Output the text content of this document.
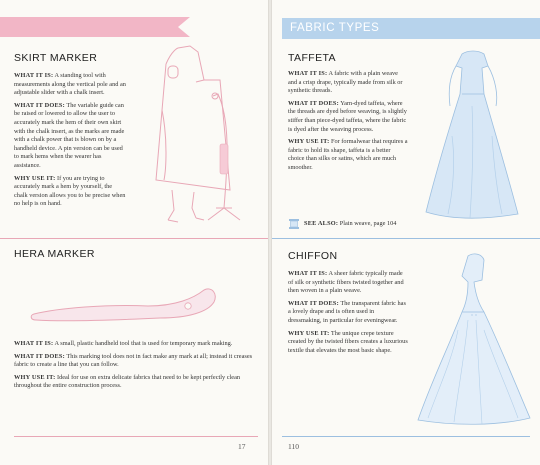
SKIRT MARKER

WHAT IT IS: A standing tool with measurements along the vertical pole and an adjustable slider with a chalk insert.

WHAT IT DOES: The variable guide can be raised or lowered to allow the user to accurately mark the hem of their own skirt with the chalk insert, as the marks are made with a chalk power that is blown on by a handheld device. A pin version can be used to mark hems when the wearer has assistance.

WHY USE IT: If you are trying to accurately mark a hem by yourself, the chalk version allows you to be precise when no help is on hand.

HERA MARKER

WHAT IT IS: A small, plastic handheld tool that is used for temporary mark making.

WHAT IT DOES: This marking tool does not in fact make any mark at all; instead it creases fabric to create a line that you can follow.

WHY USE IT: Ideal for use on extra delicate fabrics that need to be kept perfectly clean throughout the entire construction process.

17
FABRIC TYPES
TAFFETA

WHAT IT IS: A fabric with a plain weave and a crisp drape, typically made from silk or synthetic threads.

WHAT IT DOES: Yarn-dyed taffeta, where the threads are dyed before weaving, is slightly stiffer than piece-dyed taffeta, where the fabric is dyed after the weaving process.

WHY USE IT: For formalwear that requires a fabric to hold its shape, taffeta is a better choice than silks or satins, which are much smoother.

SEE ALSO: Plain weave, page 104
CHIFFON

WHAT IT IS: A sheer fabric typically made of silk or synthetic fibers twisted together and then woven in a plain weave.

WHAT IT DOES: The transparent fabric has a lovely drape and is often used in dressmaking, in particular for eveningwear.

WHY USE IT: The unique crepe texture created by the twisted fibers creates a luxurious textile that elevates the most basic shape.

110
